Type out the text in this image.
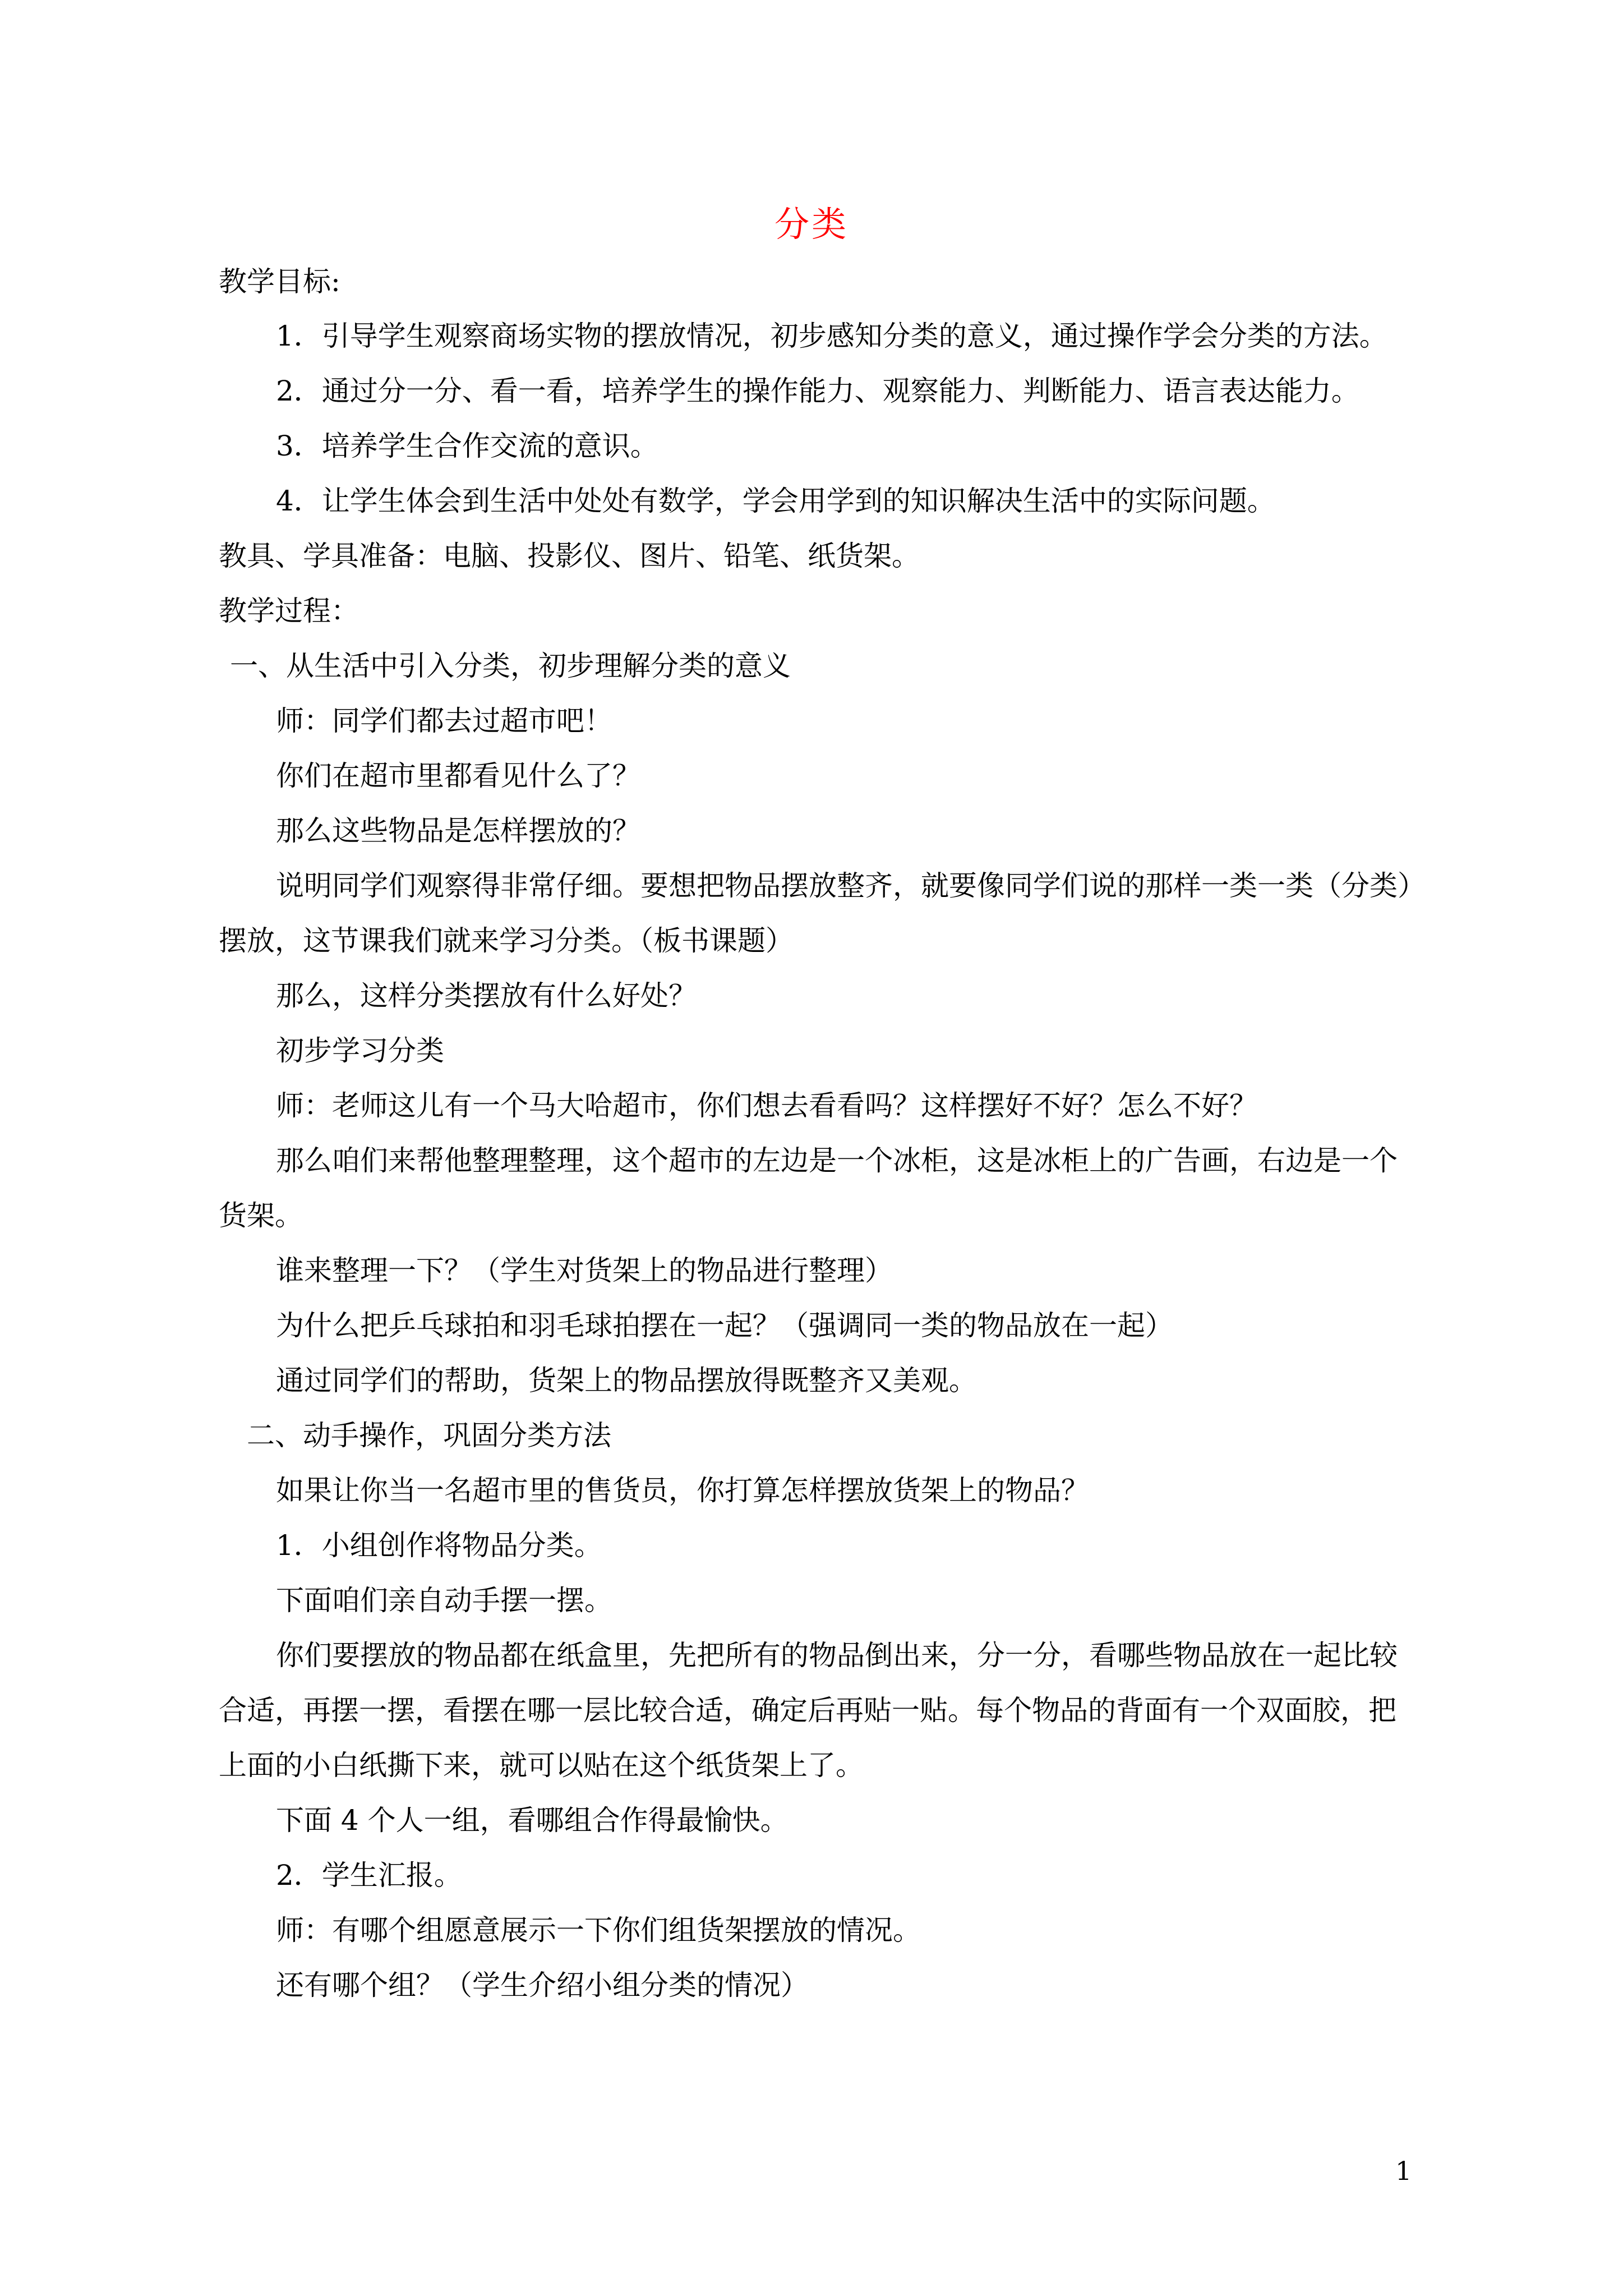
分类
教学目标:
1．引导学生观察商场实物的摆放情况，初步感知分类的意义，通过操作学会分类的方法。
2．通过分一分、看一看，培养学生的操作能力、观察能力、判断能力、语言表达能力。
3．培养学生合作交流的意识。
4．让学生体会到生活中处处有数学，学会用学到的知识解决生活中的实际问题。
教具、学具准备：电脑、投影仪、图片、铅笔、纸货架。
教学过程：
一、从生活中引入分类，初步理解分类的意义
师：同学们都去过超市吧！
你们在超市里都看见什么了？
那么这些物品是怎样摆放的？
说明同学们观察得非常仔细。要想把物品摆放整齐，就要像同学们说的那样一类一类（分类）
摆放，这节课我们就来学习分类。（板书课题）
那么，这样分类摆放有什么好处？
初步学习分类
师：老师这儿有一个马大哈超市，你们想去看看吗？这样摆好不好？怎么不好？
那么咱们来帮他整理整理，这个超市的左边是一个冰柜，这是冰柜上的广告画，右边是一个
货架。
谁来整理一下？（学生对货架上的物品进行整理）
为什么把乒乓球拍和羽毛球拍摆在一起？（强调同一类的物品放在一起）
通过同学们的帮助，货架上的物品摆放得既整齐又美观。
二、动手操作，巩固分类方法
如果让你当一名超市里的售货员，你打算怎样摆放货架上的物品？
1．小组创作将物品分类。
下面咱们亲自动手摆一摆。
你们要摆放的物品都在纸盒里，先把所有的物品倒出来，分一分，看哪些物品放在一起比较
合适，再摆一摆，看摆在哪一层比较合适，确定后再贴一贴。每个物品的背面有一个双面胶，把
上面的小白纸撕下来，就可以贴在这个纸货架上了。
下面 4 个人一组，看哪组合作得最愉快。
2．学生汇报。
师：有哪个组愿意展示一下你们组货架摆放的情况。
还有哪个组？（学生介绍小组分类的情况）
1
